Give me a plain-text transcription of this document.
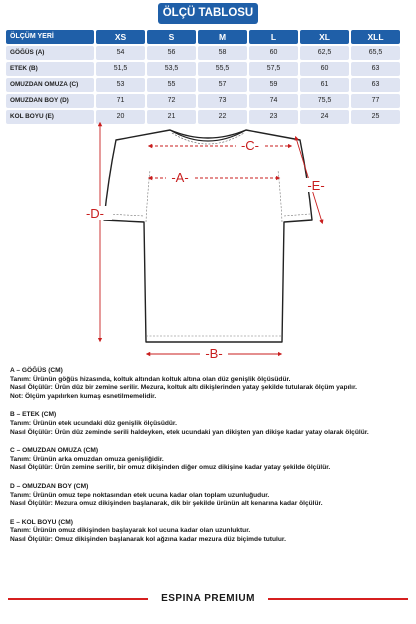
ÖLÇÜ TABLOSU
ÖLÇÜM YERİ	XS	S	M	L	XL	XLL
GÖĞÜS (A)	54	56	58	60	62,5	65,5
ETEK (B)	51,5	53,5	55,5	57,5	60	63
OMUZDAN OMUZA (C)	53	55	57	59	61	63
OMUZDAN BOY (D)	71	72	73	74	75,5	77
KOL BOYU (E)	20	21	22	23	24	25
-C-
-A-
-B-
-D-
-E-
A – GÖĞÜS (CM)

Tanım: Ürünün göğüs hizasında, koltuk altından koltuk altına olan düz genişlik ölçüsüdür.

Nasıl Ölçülür: Ürün düz bir zemine serilir. Mezura, koltuk altı dikişlerinden yatay şekilde tutularak ölçüm yapılır.

Not: Ölçüm yapılırken kumaş esnetilmemelidir.

B – ETEK (CM)

Tanım: Ürünün etek ucundaki düz genişlik ölçüsüdür.

Nasıl Ölçülür: Ürün düz zeminde serili haldeyken, etek ucundaki yan dikişten yan dikişe kadar yatay olarak ölçülür.

C – OMUZDAN OMUZA (CM)

Tanım: Ürünün arka omuzdan omuza genişliğidir.

Nasıl Ölçülür: Ürün zemine serilir, bir omuz dikişinden diğer omuz dikişine kadar yatay şekilde ölçülür.

D – OMUZDAN BOY (CM)

Tanım: Ürünün omuz tepe noktasından etek ucuna kadar olan toplam uzunluğudur.

Nasıl Ölçülür: Mezura omuz dikişinden başlanarak, dik bir şekilde ürünün alt kenarına kadar ölçülür.

E – KOL BOYU (CM)

Tanım: Ürünün omuz dikişinden başlayarak kol ucuna kadar olan uzunluktur.

Nasıl Ölçülür: Omuz dikişinden başlanarak kol ağzına kadar mezura düz biçimde tutulur.

ESPINA PREMIUM
